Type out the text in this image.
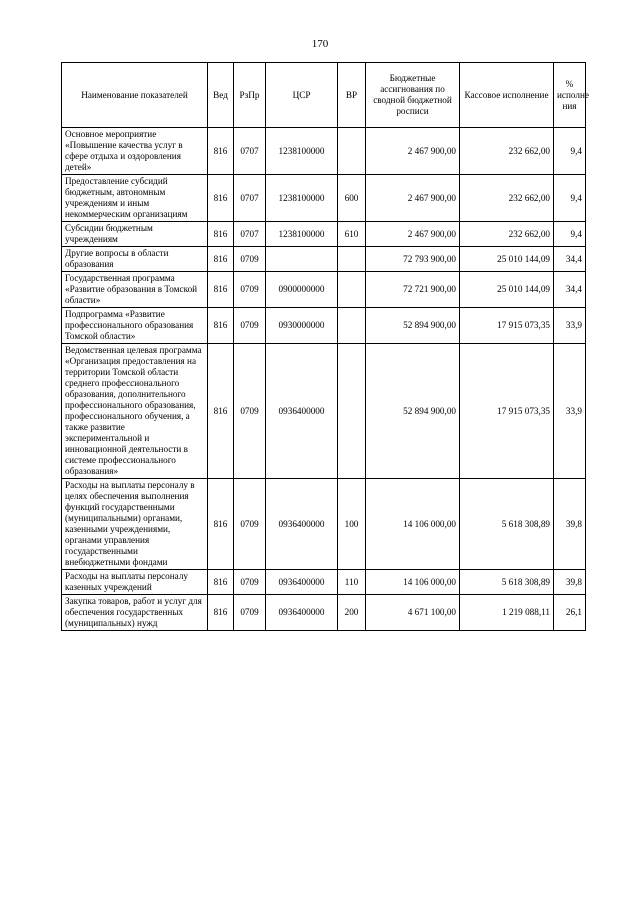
170
Наименование показателей	Вед	РзПр	ЦСР	ВР	Бюджетные ассигнования по сводной бюджетной росписи	Кассовое исполнение	% исполне ния
Основное мероприятие «Повышение качества услуг в сфере отдыха и оздоровления детей»	816	0707	1238100000		2 467 900,00	232 662,00	9,4
Предоставление субсидий бюджетным, автономным учреждениям и иным некоммерческим организациям	816	0707	1238100000	600	2 467 900,00	232 662,00	9,4
Субсидии бюджетным учреждениям	816	0707	1238100000	610	2 467 900,00	232 662,00	9,4
Другие вопросы в области образования	816	0709			72 793 900,00	25 010 144,09	34,4
Государственная программа «Развитие образования в Томской области»	816	0709	0900000000		72 721 900,00	25 010 144,09	34,4
Подпрограмма «Развитие профессионального образования Томской области»	816	0709	0930000000		52 894 900,00	17 915 073,35	33,9
Ведомственная целевая программа «Организация предоставления на территории Томской области среднего профессионального образования, дополнительного профессионального образования, профессионального обучения, а также развитие экспериментальной и инновационной деятельности в системе профессионального образования»	816	0709	0936400000		52 894 900,00	17 915 073,35	33,9
Расходы на выплаты персоналу в целях обеспечения выполнения функций государственными (муниципальными) органами, казенными учреждениями, органами управления государственными внебюджетными фондами	816	0709	0936400000	100	14 106 000,00	5 618 308,89	39,8
Расходы на выплаты персоналу казенных учреждений	816	0709	0936400000	110	14 106 000,00	5 618 308,89	39,8
Закупка товаров, работ и услуг для обеспечения государственных (муниципальных) нужд	816	0709	0936400000	200	4 671 100,00	1 219 088,11	26,1
